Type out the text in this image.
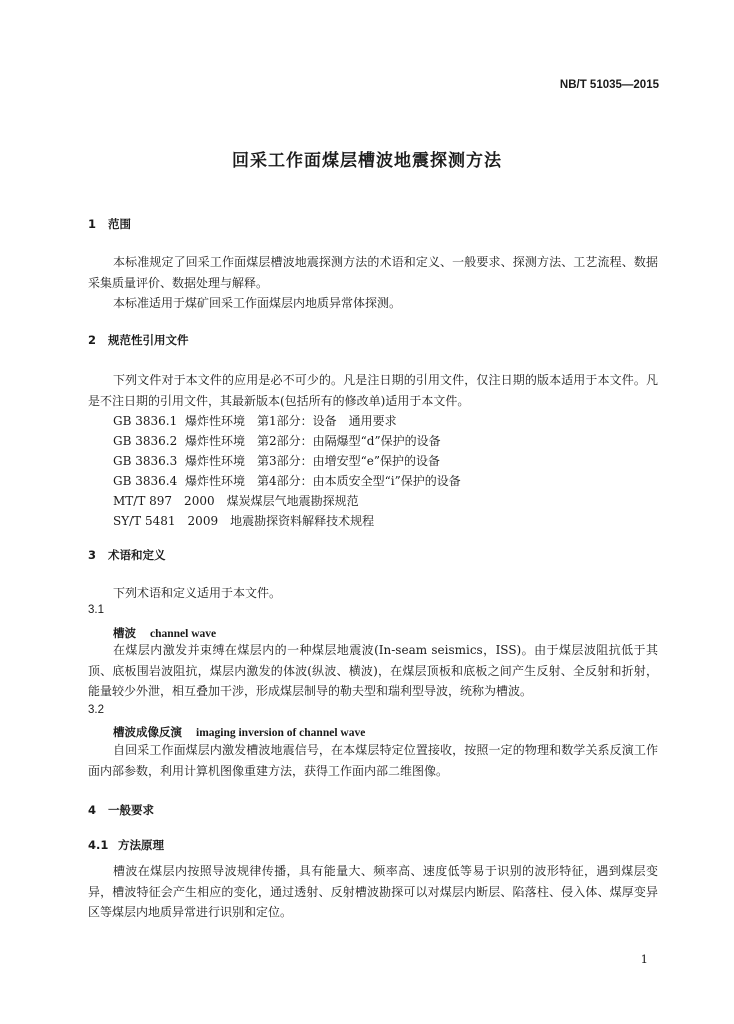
NB/T 51035—2015
回采工作面煤层槽波地震探测方法
1 范围
本标准规定了回采工作面煤层槽波地震探测方法的术语和定义、一般要求、探测方法、工艺流程、数据采集质量评价、数据处理与解释。
本标准适用于煤矿回采工作面煤层内地质异常体探测。
2 规范性引用文件
下列文件对于本文件的应用是必不可少的。凡是注日期的引用文件，仅注日期的版本适用于本文件。凡是不注日期的引用文件，其最新版本(包括所有的修改单)适用于本文件。
GB 3836.1 爆炸性环境　第1部分：设备　通用要求
GB 3836.2 爆炸性环境　第2部分：由隔爆型“d”保护的设备
GB 3836.3 爆炸性环境　第3部分：由增安型“e”保护的设备
GB 3836.4 爆炸性环境　第4部分：由本质安全型“i”保护的设备
MT/T 897　2000 煤炭煤层气地震勘探规范
SY/T 5481　2009 地震勘探资料解释技术规程
3 术语和定义
下列术语和定义适用于本文件。
3.1
槽波 channel wave
在煤层内激发并束缚在煤层内的一种煤层地震波(In-seam seismics，ISS)。由于煤层波阻抗低于其顶、底板围岩波阻抗，煤层内激发的体波(纵波、横波)，在煤层顶板和底板之间产生反射、全反射和折射，能量较少外泄，相互叠加干涉，形成煤层制导的勒夫型和瑞利型导波，统称为槽波。
3.2
槽波成像反演 imaging inversion of channel wave
自回采工作面煤层内激发槽波地震信号，在本煤层特定位置接收，按照一定的物理和数学关系反演工作面内部参数，利用计算机图像重建方法，获得工作面内部二维图像。
4 一般要求
4.1 方法原理
槽波在煤层内按照导波规律传播，具有能量大、频率高、速度低等易于识别的波形特征，遇到煤层变异，槽波特征会产生相应的变化，通过透射、反射槽波勘探可以对煤层内断层、陷落柱、侵入体、煤厚变异区等煤层内地质异常进行识别和定位。
1
